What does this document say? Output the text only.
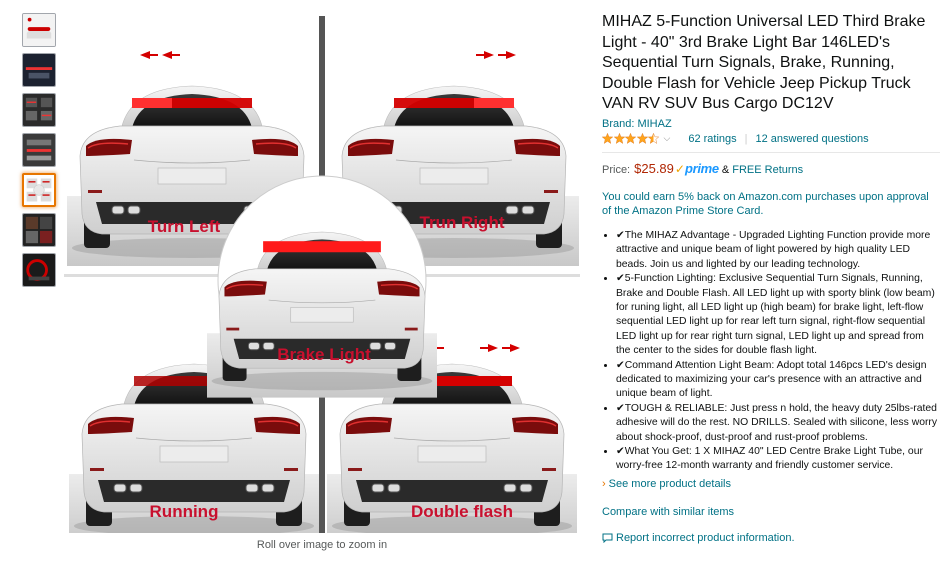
Turn Left	Trun Right
Brake Light
Running	Double flash
Roll over image to zoom in
MIHAZ 5-Function Universal LED Third Brake Light - 40" 3rd Brake Light Bar 146LED's Sequential Turn Signals, Brake, Running, Double Flash for Vehicle Jeep Pickup Truck VAN RV SUV Bus Cargo DC12V
Brand: MIHAZ
⌵ 62 ratings | 12 answered questions
Price: $25.89 ✓ prime & FREE Returns
You could earn 5% back on Amazon.com purchases upon approval of the Amazon Prime Store Card.
• ✔The MIHAZ Advantage - Upgraded Lighting Function provide more attractive and unique beam of light powered by high quality LED beads. Join us and lighted by our leading technology.
• ✔5-Function Lighting: Exclusive Sequential Turn Signals, Running, Brake and Double Flash. All LED light up with sporty blink (low beam) for runing light, all LED light up (high beam) for brake light, left-flow sequential LED light up for rear left turn signal, right-flow sequential LED light up for rear right turn signal, LED light up and spread from the center to the sides for double flash light.
• ✔Command Attention Light Beam: Adopt total 146pcs LED's design dedicated to maximizing your car's presence with an attractive and unique beam of light.
• ✔TOUGH & RELIABLE: Just press n hold, the heavy duty 25lbs-rated adhesive will do the rest. NO DRILLS. Sealed with silicone, less worry about shock-proof, dust-proof and rust-proof problems.
• ✔What You Get: 1 X MIHAZ 40" LED Centre Brake Light Tube, our worry-free 12-month warranty and friendly customer service.
› See more product details
Compare with similar items
Report incorrect product information.
